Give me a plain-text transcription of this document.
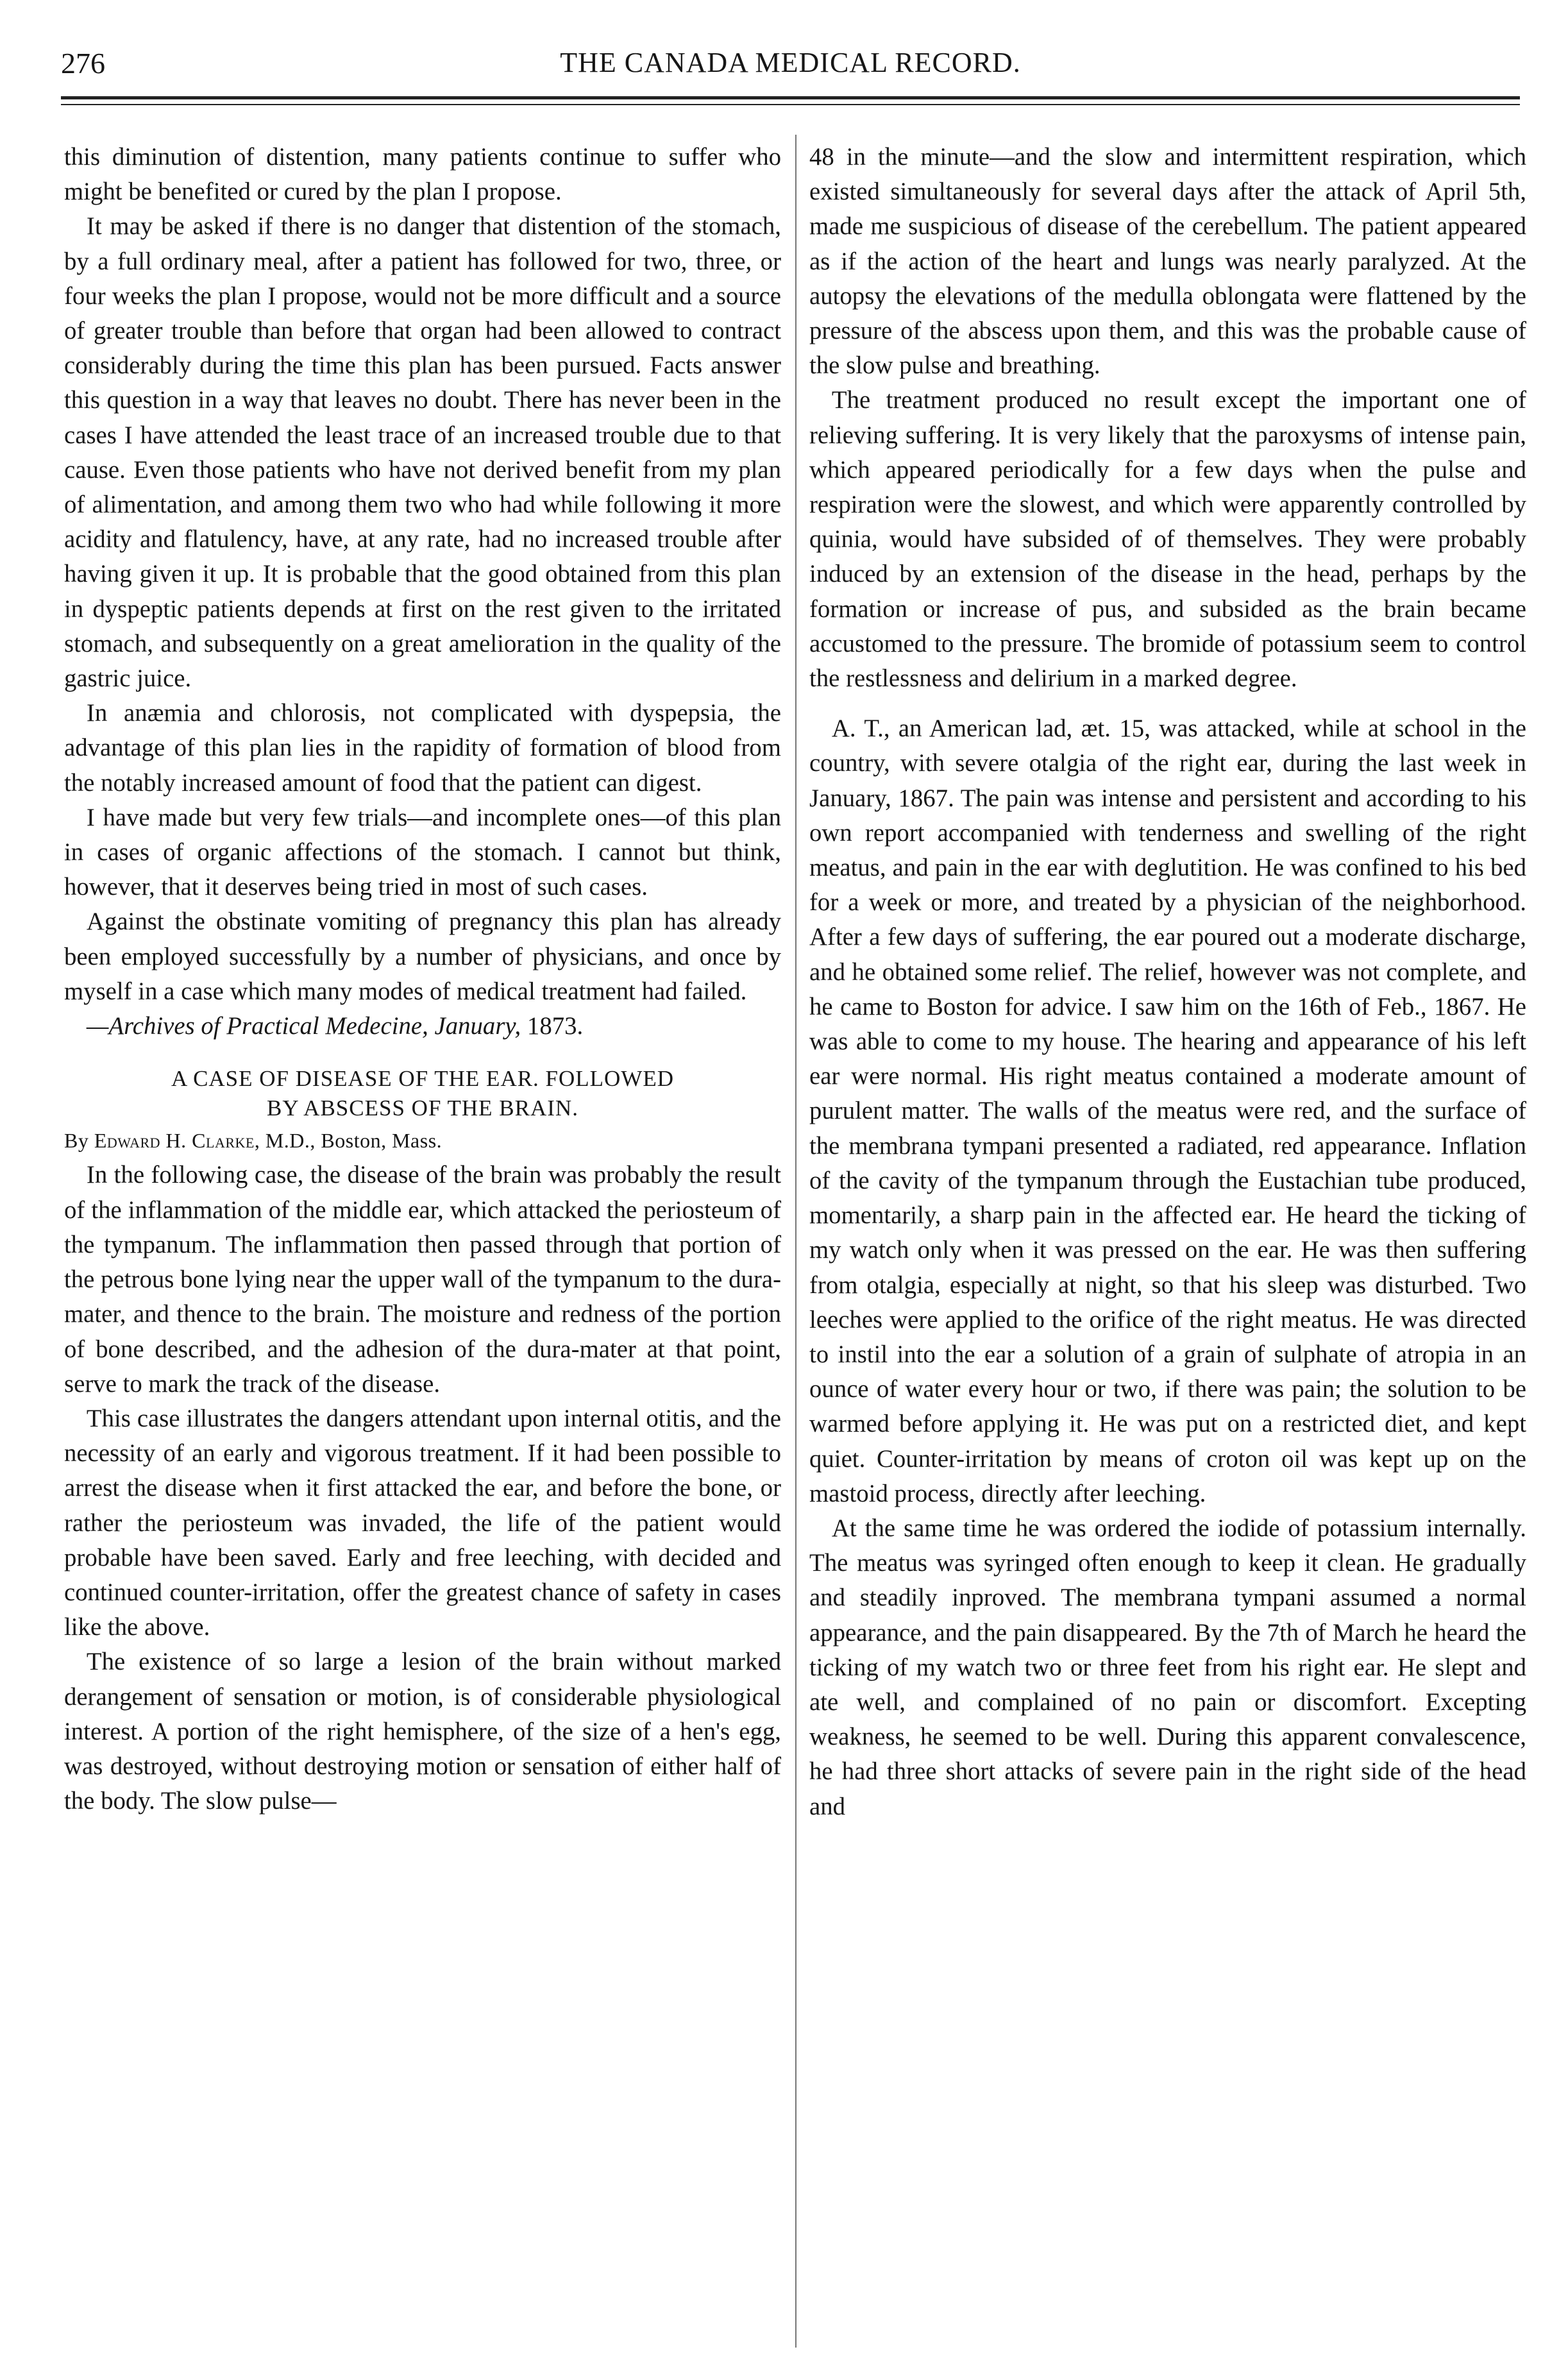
276	THE CANADA MEDICAL RECORD.

this diminution of distention, many patients continue to suffer who might be benefited or cured by the plan I propose.

It may be asked if there is no danger that distention of the stomach, by a full ordinary meal, after a patient has followed for two, three, or four weeks the plan I propose, would not be more difficult and a source of greater trouble than before that organ had been allowed to contract considerably during the time this plan has been pursued. Facts answer this question in a way that leaves no doubt. There has never been in the cases I have attended the least trace of an increased trouble due to that cause. Even those patients who have not derived benefit from my plan of alimentation, and among them two who had while following it more acidity and flatulency, have, at any rate, had no increased trouble after having given it up. It is probable that the good obtained from this plan in dyspeptic patients depends at first on the rest given to the irritated stomach, and subsequently on a great amelioration in the quality of the gastric juice.

In anæmia and chlorosis, not complicated with dyspepsia, the advantage of this plan lies in the rapidity of formation of blood from the notably increased amount of food that the patient can digest.

I have made but very few trials—and incomplete ones—of this plan in cases of organic affections of the stomach. I cannot but think, however, that it deserves being tried in most of such cases.

Against the obstinate vomiting of pregnancy this plan has already been employed successfully by a number of physicians, and once by myself in a case which many modes of medical treatment had failed.

—Archives of Practical Medecine, January, 1873.

A CASE OF DISEASE OF THE EAR. FOLLOWED
BY ABSCESS OF THE BRAIN.

By Edward H. Clarke, M.D., Boston, Mass.

In the following case, the disease of the brain was probably the result of the inflammation of the middle ear, which attacked the periosteum of the tympanum. The inflammation then passed through that portion of the petrous bone lying near the upper wall of the tympanum to the dura-mater, and thence to the brain. The moisture and redness of the portion of bone described, and the adhesion of the dura-mater at that point, serve to mark the track of the disease.

This case illustrates the dangers attendant upon internal otitis, and the necessity of an early and vigorous treatment. If it had been possible to arrest the disease when it first attacked the ear, and before the bone, or rather the periosteum was invaded, the life of the patient would probable have been saved. Early and free leeching, with decided and continued counter-irritation, offer the greatest chance of safety in cases like the above.

The existence of so large a lesion of the brain without marked derangement of sensation or motion, is of considerable physiological interest. A portion of the right hemisphere, of the size of a hen's egg, was destroyed, without destroying motion or sensation of either half of the body. The slow pulse—

48 in the minute—and the slow and intermittent respiration, which existed simultaneously for several days after the attack of April 5th, made me suspicious of disease of the cerebellum. The patient appeared as if the action of the heart and lungs was nearly paralyzed. At the autopsy the elevations of the medulla oblongata were flattened by the pressure of the abscess upon them, and this was the probable cause of the slow pulse and breathing.

The treatment produced no result except the important one of relieving suffering. It is very likely that the paroxysms of intense pain, which appeared periodically for a few days when the pulse and respiration were the slowest, and which were apparently controlled by quinia, would have subsided of of themselves. They were probably induced by an extension of the disease in the head, perhaps by the formation or increase of pus, and subsided as the brain became accustomed to the pressure. The bromide of potassium seem to control the restlessness and delirium in a marked degree.

A. T., an American lad, æt. 15, was attacked, while at school in the country, with severe otalgia of the right ear, during the last week in January, 1867. The pain was intense and persistent and according to his own report accompanied with tenderness and swelling of the right meatus, and pain in the ear with deglutition. He was confined to his bed for a week or more, and treated by a physician of the neighborhood. After a few days of suffering, the ear poured out a moderate discharge, and he obtained some relief. The relief, however was not complete, and he came to Boston for advice. I saw him on the 16th of Feb., 1867. He was able to come to my house. The hearing and appearance of his left ear were normal. His right meatus contained a moderate amount of purulent matter. The walls of the meatus were red, and the surface of the membrana tympani presented a radiated, red appearance. Inflation of the cavity of the tympanum through the Eustachian tube produced, momentarily, a sharp pain in the affected ear. He heard the ticking of my watch only when it was pressed on the ear. He was then suffering from otalgia, especially at night, so that his sleep was disturbed. Two leeches were applied to the orifice of the right meatus. He was directed to instil into the ear a solution of a grain of sulphate of atropia in an ounce of water every hour or two, if there was pain; the solution to be warmed before applying it. He was put on a restricted diet, and kept quiet. Counter-irritation by means of croton oil was kept up on the mastoid process, directly after leeching.

At the same time he was ordered the iodide of potassium internally. The meatus was syringed often enough to keep it clean. He gradually and steadily inproved. The membrana tympani assumed a normal appearance, and the pain disappeared. By the 7th of March he heard the ticking of my watch two or three feet from his right ear. He slept and ate well, and complained of no pain or discomfort. Excepting weakness, he seemed to be well. During this apparent convalescence, he had three short attacks of severe pain in the right side of the head and
